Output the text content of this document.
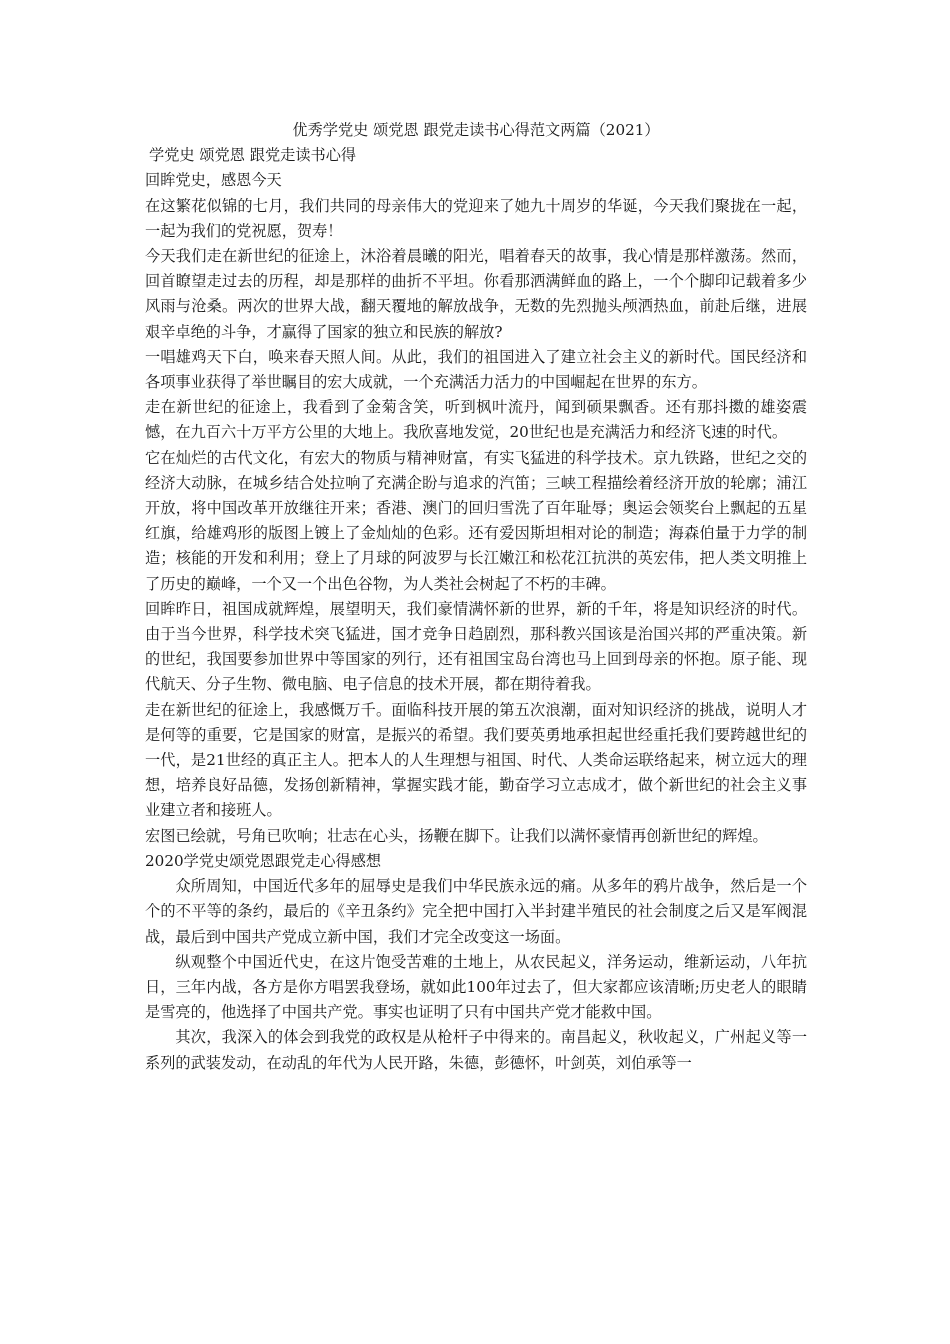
优秀学党史 颂党恩 跟党走读书心得范文两篇（2021）

学党史 颂党恩 跟党走读书心得

回眸党史，感恩今天

在这繁花似锦的七月，我们共同的母亲伟大的党迎来了她九十周岁的华诞，今天我们聚拢在一起，一起为我们的党祝愿，贺寿！

今天我们走在新世纪的征途上，沐浴着晨曦的阳光，唱着春天的故事，我心情是那样激荡。然而，回首瞭望走过去的历程，却是那样的曲折不平坦。你看那洒满鲜血的路上，一个个脚印记载着多少风雨与沧桑。两次的世界大战，翻天覆地的解放战争，无数的先烈抛头颅洒热血，前赴后继，进展艰辛卓绝的斗争，才赢得了国家的独立和民族的解放?

一唱雄鸡天下白，唤来春天照人间。从此，我们的祖国进入了建立社会主义的新时代。国民经济和各项事业获得了举世瞩目的宏大成就，一个充满活力活力的中国崛起在世界的东方。

走在新世纪的征途上，我看到了金菊含笑，听到枫叶流丹，闻到硕果飘香。还有那抖擞的雄姿震憾，在九百六十万平方公里的大地上。我欣喜地发觉，20世纪也是充满活力和经济飞速的时代。

它在灿烂的古代文化，有宏大的物质与精神财富，有实飞猛进的科学技术。京九铁路，世纪之交的经济大动脉，在城乡结合处拉响了充满企盼与追求的汽笛；三峡工程描绘着经济开放的轮廓；浦江开放，将中国改革开放继往开来；香港、澳门的回归雪洗了百年耻辱；奥运会领奖台上飘起的五星红旗，给雄鸡形的版图上镀上了金灿灿的色彩。还有爱因斯坦相对论的制造；海森伯量于力学的制造；核能的开发和利用；登上了月球的阿波罗与长江嫩江和松花江抗洪的英宏伟，把人类文明推上了历史的巅峰，一个又一个出色谷物，为人类社会树起了不朽的丰碑。

回眸昨日，祖国成就辉煌，展望明天，我们豪情满怀新的世界，新的千年，将是知识经济的时代。由于当今世界，科学技术突飞猛进，国才竞争日趋剧烈，那科教兴国该是治国兴邦的严重决策。新的世纪，我国要参加世界中等国家的列行，还有祖国宝岛台湾也马上回到母亲的怀抱。原子能、现代航天、分子生物、微电脑、电子信息的技术开展，都在期待着我。

走在新世纪的征途上，我感慨万千。面临科技开展的第五次浪潮，面对知识经济的挑战，说明人才是何等的重要，它是国家的财富，是振兴的希望。我们要英勇地承担起世经重托我们要跨越世纪的一代，是21世经的真正主人。把本人的人生理想与祖国、时代、人类命运联络起来，树立远大的理想，培养良好品德，发扬创新精神，掌握实践才能，勤奋学习立志成才，做个新世纪的社会主义事业建立者和接班人。

宏图已绘就，号角已吹响；壮志在心头，扬鞭在脚下。让我们以满怀豪情再创新世纪的辉煌。

2020学党史颂党恩跟党走心得感想

众所周知，中国近代多年的屈辱史是我们中华民族永远的痛。从多年的鸦片战争，然后是一个个的不平等的条约，最后的《辛丑条约》完全把中国打入半封建半殖民的社会制度之后又是军阀混战，最后到中国共产党成立新中国，我们才完全改变这一场面。

纵观整个中国近代史，在这片饱受苦难的土地上，从农民起义，洋务运动，维新运动，八年抗日，三年内战，各方是你方唱罢我登场，就如此100年过去了，但大家都应该清晰;历史老人的眼睛是雪亮的，他选择了中国共产党。事实也证明了只有中国共产党才能救中国。

其次，我深入的体会到我党的政权是从枪杆子中得来的。南昌起义，秋收起义，广州起义等一系列的武装发动，在动乱的年代为人民开路，朱德，彭德怀，叶剑英，刘伯承等一
